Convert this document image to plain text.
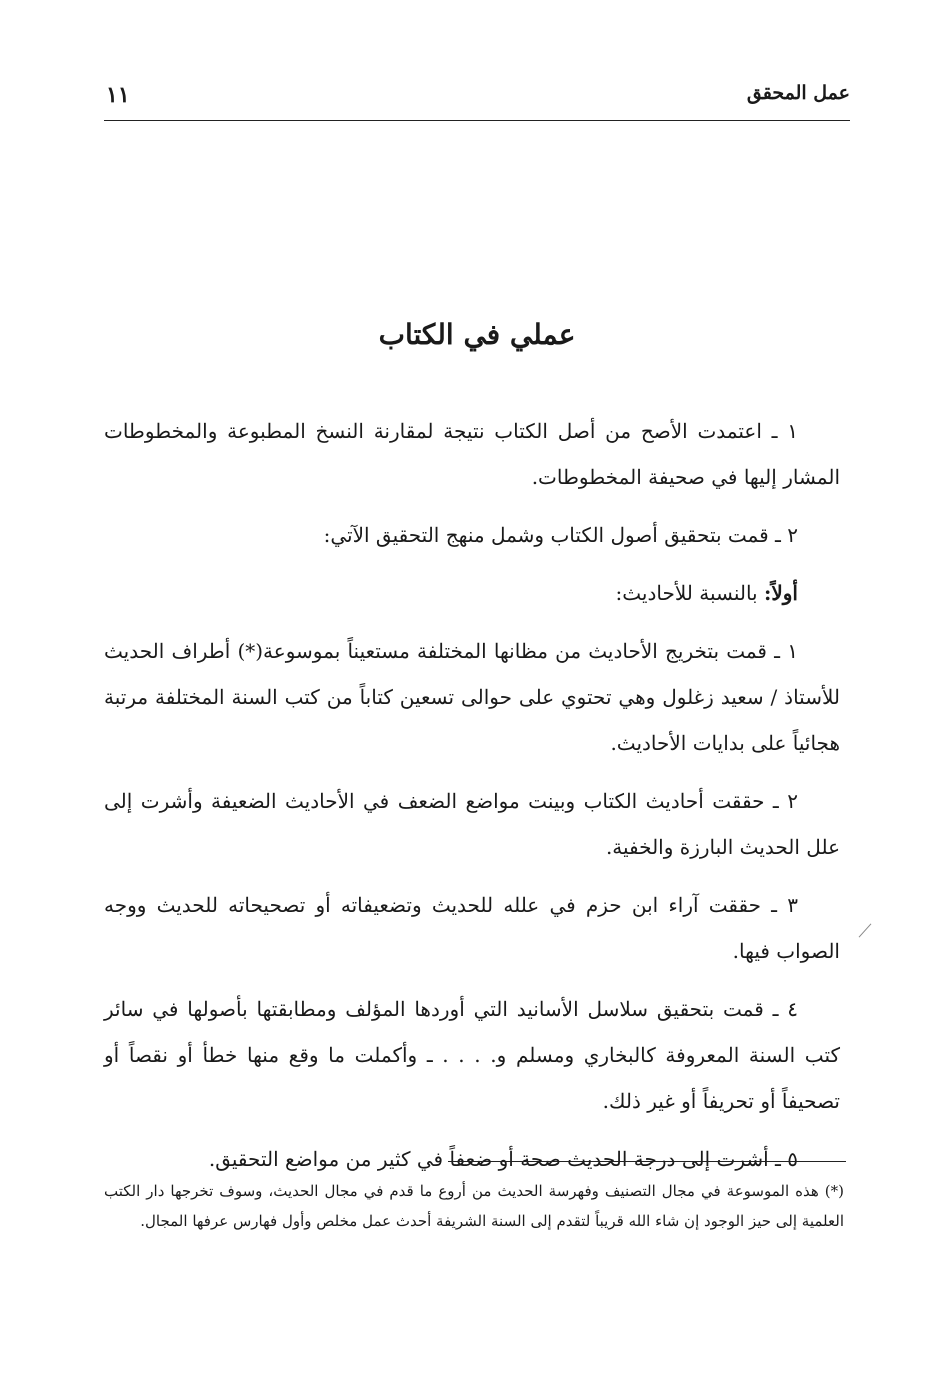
١١	عمل المحقق
عملي في الكتاب

١ ـ اعتمدت الأصح من أصل الكتاب نتيجة لمقارنة النسخ المطبوعة والمخطوطات المشار إليها في صحيفة المخطوطات.

٢ ـ قمت بتحقيق أصول الكتاب وشمل منهج التحقيق الآتي:

أولاً: بالنسبة للأحاديث:

١ ـ قمت بتخريج الأحاديث من مظانها المختلفة مستعيناً بموسوعة(*) أطراف الحديث للأستاذ / سعيد زغلول وهي تحتوي على حوالى تسعين كتاباً من كتب السنة المختلفة مرتبة هجائياً على بدايات الأحاديث.

٢ ـ حققت أحاديث الكتاب وبينت مواضع الضعف في الأحاديث الضعيفة وأشرت إلى علل الحديث البارزة والخفية.

٣ ـ حققت آراء ابن حزم في علله للحديث وتضعيفاته أو تصحيحاته للحديث ووجه الصواب فيها.

٤ ـ قمت بتحقيق سلاسل الأسانيد التي أوردها المؤلف ومطابقتها بأصولها في سائر كتب السنة المعروفة كالبخاري ومسلم و. . . . ـ وأكملت ما وقع منها خطأ أو نقصاً أو تصحيفاً أو تحريفاً أو غير ذلك.

٥ ـ أشرت إلى درجة الحديث صحة أو ضعفاً في كثير من مواضع التحقيق.

(*) هذه الموسوعة في مجال التصنيف وفهرسة الحديث من أروع ما قدم في مجال الحديث، وسوف تخرجها دار الكتب العلمية إلى حيز الوجود إن شاء الله قريباً لتقدم إلى السنة الشريفة أحدث عمل مخلص وأول فهارس عرفها المجال.
